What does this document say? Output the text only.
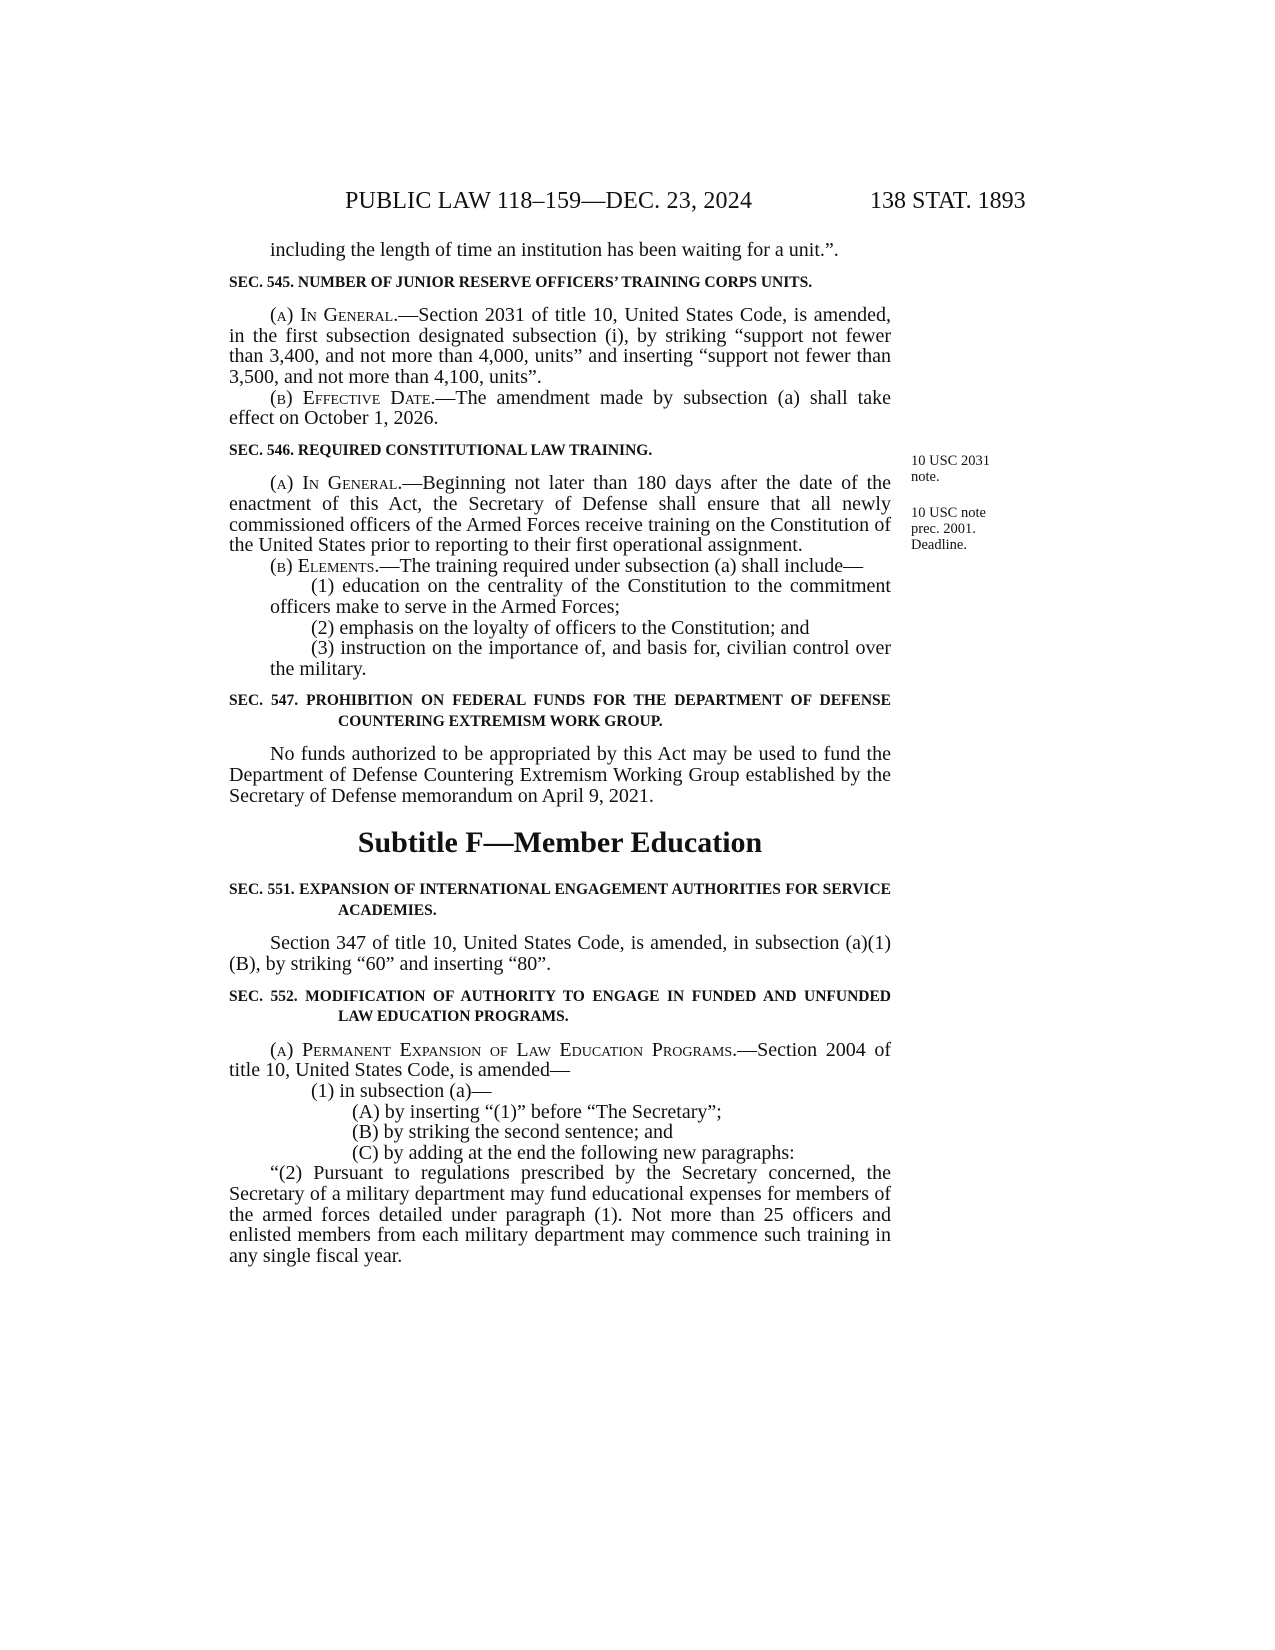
PUBLIC LAW 118–159—DEC. 23, 2024	138 STAT. 1893

10 USC 2031

note.

10 USC note

prec. 2001.

Deadline.

including the length of time an institution has been waiting for a unit.”.

SEC. 545. NUMBER OF JUNIOR RESERVE OFFICERS’ TRAINING CORPS UNITS.

(a) In General.—Section 2031 of title 10, United States Code, is amended, in the first subsection designated subsection (i), by striking “support not fewer than 3,400, and not more than 4,000, units” and inserting “support not fewer than 3,500, and not more than 4,100, units”.

(b) Effective Date.—The amendment made by subsection (a) shall take effect on October 1, 2026.

SEC. 546. REQUIRED CONSTITUTIONAL LAW TRAINING.

(a) In General.—Beginning not later than 180 days after the date of the enactment of this Act, the Secretary of Defense shall ensure that all newly commissioned officers of the Armed Forces receive training on the Constitution of the United States prior to reporting to their first operational assignment.

(b) Elements.—The training required under subsection (a) shall include—

(1) education on the centrality of the Constitution to the commitment officers make to serve in the Armed Forces;

(2) emphasis on the loyalty of officers to the Constitution; and

(3) instruction on the importance of, and basis for, civilian control over the military.

SEC. 547. PROHIBITION ON FEDERAL FUNDS FOR THE DEPARTMENT OF DEFENSE COUNTERING EXTREMISM WORK GROUP.

No funds authorized to be appropriated by this Act may be used to fund the Department of Defense Countering Extremism Working Group established by the Secretary of Defense memorandum on April 9, 2021.

Subtitle F—Member Education

SEC. 551. EXPANSION OF INTERNATIONAL ENGAGEMENT AUTHORITIES FOR SERVICE ACADEMIES.

Section 347 of title 10, United States Code, is amended, in subsection (a)(1)(B), by striking “60” and inserting “80”.

SEC. 552. MODIFICATION OF AUTHORITY TO ENGAGE IN FUNDED AND UNFUNDED LAW EDUCATION PROGRAMS.

(a) Permanent Expansion of Law Education Programs.—Section 2004 of title 10, United States Code, is amended—

(1) in subsection (a)—

(A) by inserting “(1)” before “The Secretary”;

(B) by striking the second sentence; and

(C) by adding at the end the following new paragraphs:

“(2) Pursuant to regulations prescribed by the Secretary concerned, the Secretary of a military department may fund educational expenses for members of the armed forces detailed under paragraph (1). Not more than 25 officers and enlisted members from each military department may commence such training in any single fiscal year.
